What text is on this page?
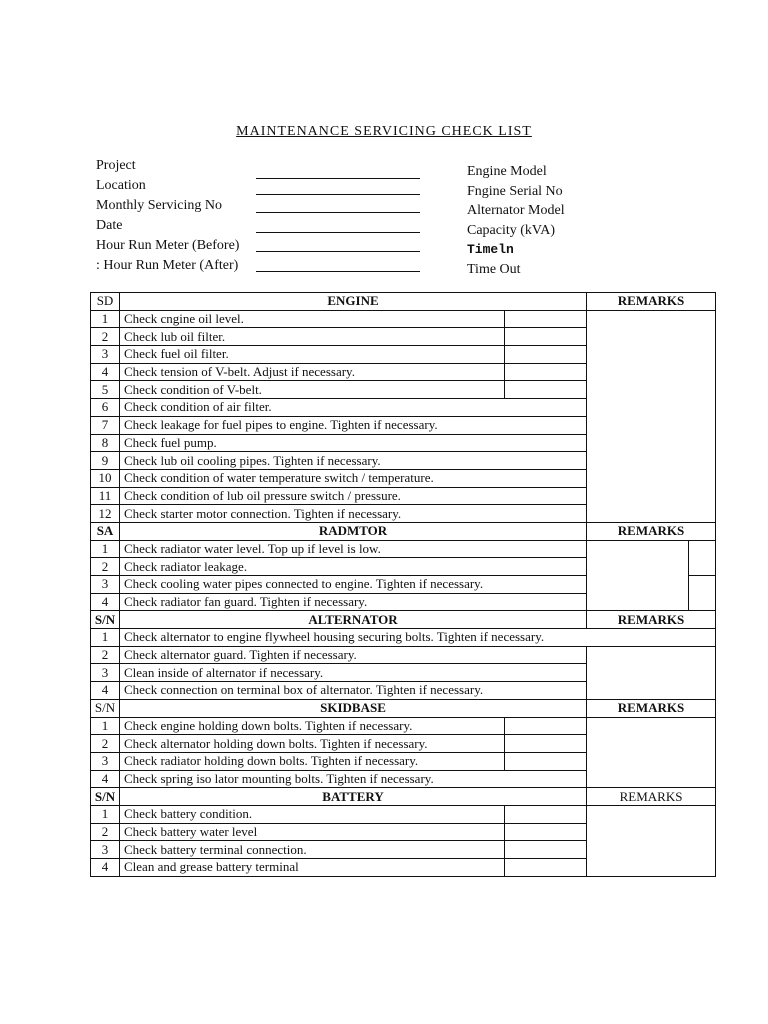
MAINTENANCE SERVICING CHECK LIST
Project
Location
Monthly Servicing No
Date
Hour Run Meter (Before)
: Hour Run Meter (After)
Engine Model
Fngine Serial No
Alternator Model
Capacity (kVA)
Timeln
Time Out
SD	ENGINE		REMARKS	
1	Check cngine oil level.			
2	Check lub oil filter.			
3	Check fuel oil filter.			
4	Check tension of V-belt. Adjust if necessary.			
5	Check condition of V-belt.			
6	Check condition of air filter.			
7	Check leakage for fuel pipes to engine. Tighten if necessary.			
8	Check fuel pump.			
9	Check lub oil cooling pipes. Tighten if necessary.			
10	Check condition of water temperature switch / temperature.			
11	Check condition of lub oil pressure switch / pressure.			
12	Check starter motor connection. Tighten if necessary.			
SA	RADMTOR		REMARKS	
1	Check radiator water level. Top up if level is low.			
2	Check radiator leakage.			
3	Check cooling water pipes connected to engine. Tighten if necessary.			
4	Check radiator fan guard. Tighten if necessary.			
S/N	ALTERNATOR		REMARKS	
1	Check alternator to engine flywheel housing securing bolts. Tighten if necessary.			
2	Check alternator guard. Tighten if necessary.			
3	Clean inside of alternator if necessary.			
4	Check connection on terminal box of alternator. Tighten if necessary.			
S/N	SKIDBASE		REMARKS	
1	Check engine holding down bolts. Tighten if necessary.			
2	Check alternator holding down bolts. Tighten if necessary.			
3	Check radiator holding down bolts. Tighten if necessary.			
4	Check spring iso lator mounting bolts. Tighten if necessary.			
S/N	BATTERY		REMARKS	
1	Check battery condition.			
2	Check battery water level			
3	Check battery terminal connection.			
4	Clean and grease battery terminal			
